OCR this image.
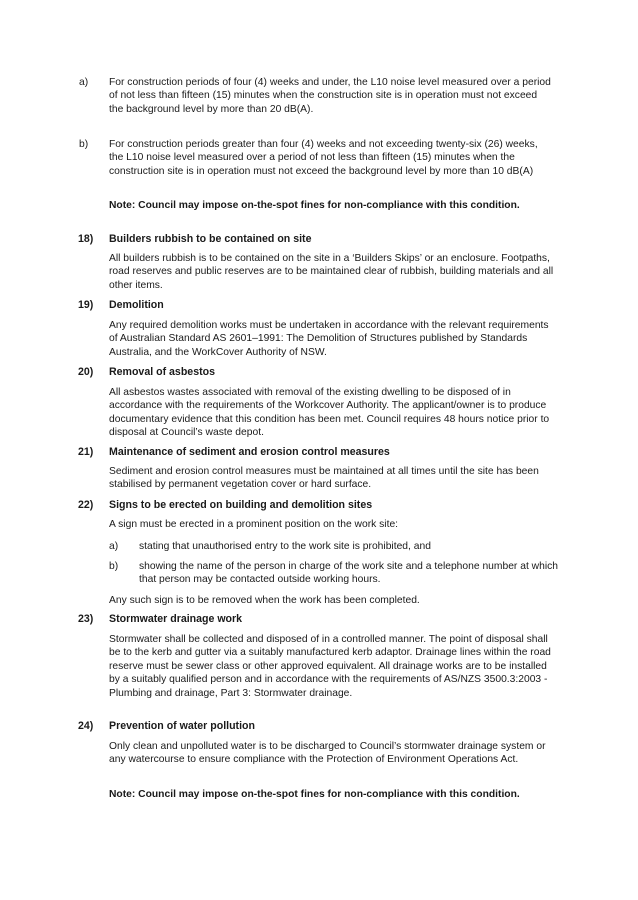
a) For construction periods of four (4) weeks and under, the L10 noise level measured over a period of not less than fifteen (15) minutes when the construction site is in operation must not exceed the background level by more than 20 dB(A).
b) For construction periods greater than four (4) weeks and not exceeding twenty-six (26) weeks, the L10 noise level measured over a period of not less than fifteen (15) minutes when the construction site is in operation must not exceed the background level by more than 10 dB(A)
Note: Council may impose on-the-spot fines for non-compliance with this condition.
18) Builders rubbish to be contained on site
All builders rubbish is to be contained on the site in a ‘Builders Skips’ or an enclosure. Footpaths, road reserves and public reserves are to be maintained clear of rubbish, building materials and all other items.
19) Demolition
Any required demolition works must be undertaken in accordance with the relevant requirements of Australian Standard AS 2601–1991: The Demolition of Structures published by Standards Australia, and the WorkCover Authority of NSW.
20) Removal of asbestos
All asbestos wastes associated with removal of the existing dwelling to be disposed of in accordance with the requirements of the Workcover Authority. The applicant/owner is to produce documentary evidence that this condition has been met. Council requires 48 hours notice prior to disposal at Council’s waste depot.
21) Maintenance of sediment and erosion control measures
Sediment and erosion control measures must be maintained at all times until the site has been stabilised by permanent vegetation cover or hard surface.
22) Signs to be erected on building and demolition sites
A sign must be erected in a prominent position on the work site:
a) stating that unauthorised entry to the work site is prohibited, and
b) showing the name of the person in charge of the work site and a telephone number at which that person may be contacted outside working hours.
Any such sign is to be removed when the work has been completed.
23) Stormwater drainage work
Stormwater shall be collected and disposed of in a controlled manner. The point of disposal shall be to the kerb and gutter via a suitably manufactured kerb adaptor. Drainage lines within the road reserve must be sewer class or other approved equivalent. All drainage works are to be installed by a suitably qualified person and in accordance with the requirements of AS/NZS 3500.3:2003 - Plumbing and drainage, Part 3: Stormwater drainage.
24) Prevention of water pollution
Only clean and unpolluted water is to be discharged to Council’s stormwater drainage system or any watercourse to ensure compliance with the Protection of Environment Operations Act.
Note: Council may impose on-the-spot fines for non-compliance with this condition.
